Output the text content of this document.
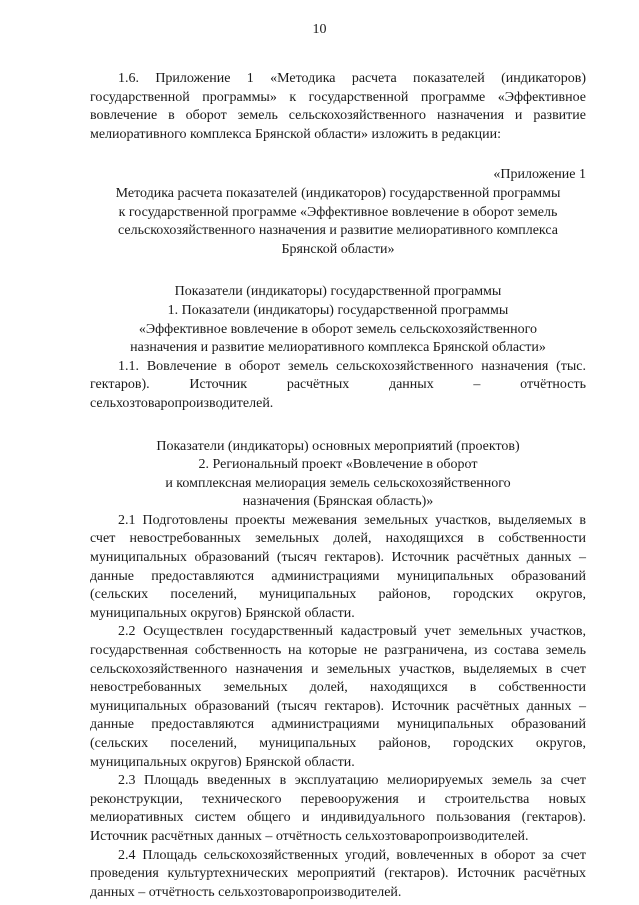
10

1.6. Приложение 1 «Методика расчета показателей (индикаторов) государственной программы» к государственной программе «Эффективное вовлечение в оборот земель сельскохозяйственного назначения и развитие мелиоративного комплекса Брянской области» изложить в редакции:

«Приложение 1

Методика расчета показателей (индикаторов) государственной программы

к государственной программе «Эффективное вовлечение в оборот земель

сельскохозяйственного назначения и развитие мелиоративного комплекса

Брянской области»

Показатели (индикаторы) государственной программы

1. Показатели (индикаторы) государственной программы

«Эффективное вовлечение в оборот земель сельскохозяйственного

назначения и развитие мелиоративного комплекса Брянской области»

1.1. Вовлечение в оборот земель сельскохозяйственного назначения (тыс. гектаров). Источник расчётных данных – отчётность сельхозтоваропроизводителей.

Показатели (индикаторы) основных мероприятий (проектов)

2. Региональный проект «Вовлечение в оборот

и комплексная мелиорация земель сельскохозяйственного

назначения (Брянская область)»

2.1 Подготовлены проекты межевания земельных участков, выделяемых в счет невостребованных земельных долей, находящихся в собственности муниципальных образований (тысяч гектаров). Источник расчётных данных – данные предоставляются администрациями муниципальных образований (сельских поселений, муниципальных районов, городских округов, муниципальных округов) Брянской области.

2.2 Осуществлен государственный кадастровый учет земельных участков, государственная собственность на которые не разграничена, из состава земель сельскохозяйственного назначения и земельных участков, выделяемых в счет невостребованных земельных долей, находящихся в собственности муниципальных образований (тысяч гектаров). Источник расчётных данных – данные предоставляются администрациями муниципальных образований (сельских поселений, муниципальных районов, городских округов, муниципальных округов) Брянской области.

2.3 Площадь введенных в эксплуатацию мелиорируемых земель за счет реконструкции, технического перевооружения и строительства новых мелиоративных систем общего и индивидуального пользования (гектаров). Источник расчётных данных – отчётность сельхозтоваропроизводителей.

2.4 Площадь сельскохозяйственных угодий, вовлеченных в оборот за счет проведения культуртехнических мероприятий (гектаров). Источник расчётных данных – отчётность сельхозтоваропроизводителей.
